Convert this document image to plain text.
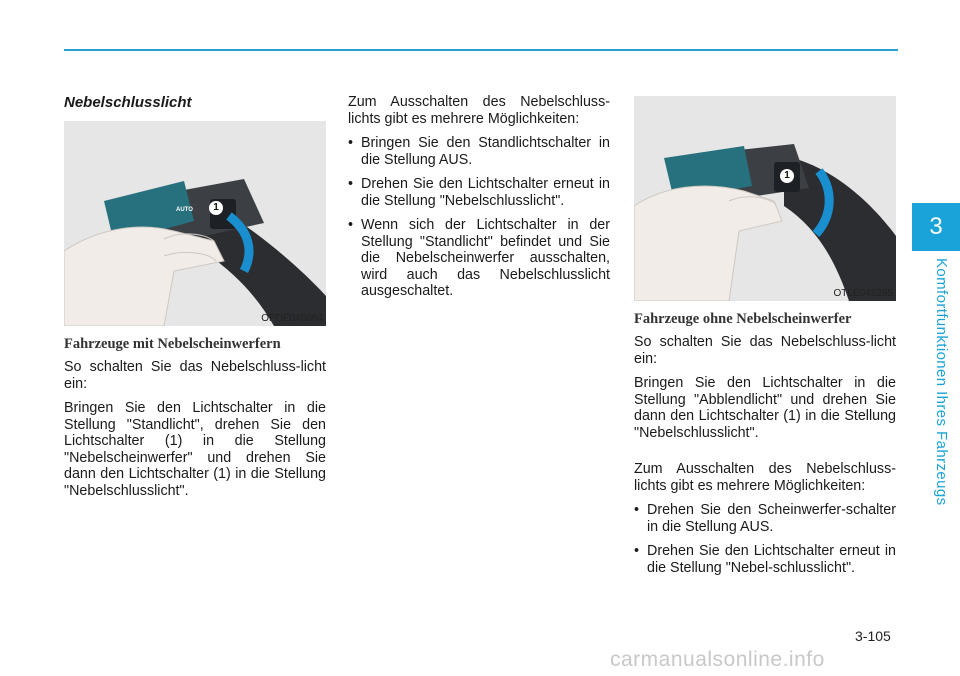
3
Komfortfunktionen Ihres Fahrzeugs
Nebelschlusslicht
1
AUTO
OPDE046064
Fahrzeuge mit Nebelscheinwerfern

So schalten Sie das Nebelschluss-licht ein:

Bringen Sie den Lichtschalter in die Stellung "Standlicht", drehen Sie den Lichtschalter (1) in die Stellung "Nebelscheinwerfer" und drehen Sie dann den Lichtschalter (1) in die Stellung "Nebelschlusslicht".

Zum Ausschalten des Nebelschluss-lichts gibt es mehrere Möglichkeiten:

• Bringen Sie den Standlichtschalter in die Stellung AUS.
• Drehen Sie den Lichtschalter erneut in die Stellung "Nebelschlusslicht".
• Wenn sich der Lichtschalter in der Stellung "Standlicht" befindet und Sie die Nebelscheinwerfer ausschalten, wird auch das Nebelschlusslicht ausgeschaltet.
1
OTLE045285
Fahrzeuge ohne Nebelscheinwerfer

So schalten Sie das Nebelschluss-licht ein:

Bringen Sie den Lichtschalter in die Stellung "Abblendlicht" und drehen Sie dann den Lichtschalter (1) in die Stellung "Nebelschlusslicht".

Zum Ausschalten des Nebelschluss-lichts gibt es mehrere Möglichkeiten:

• Drehen Sie den Scheinwerfer-schalter in die Stellung AUS.
• Drehen Sie den Lichtschalter erneut in die Stellung "Nebel-schlusslicht".
3-105
carmanualsonline.info
